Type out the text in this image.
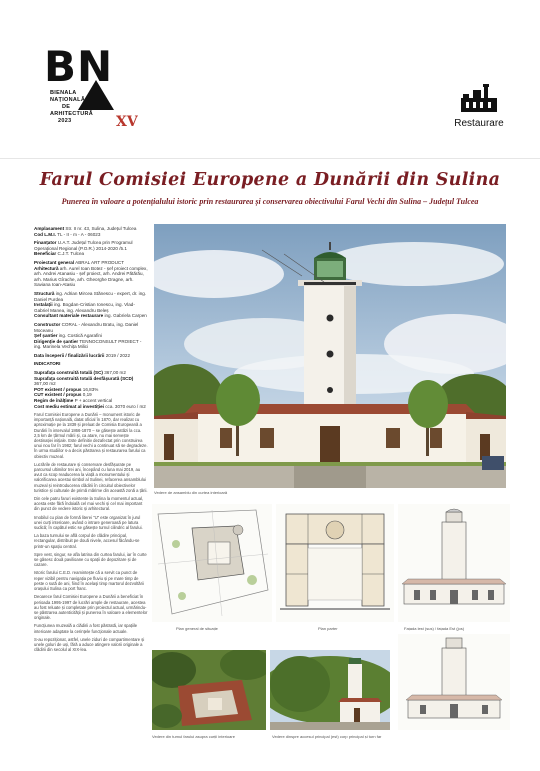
BN
BIENALA
NAȚIONALĂ
DE
ARHITECTURĂ
2023	XV	Restaurare
Farul Comisiei Europene a Dunării din Sulina
Punerea în valoare a potențialului istoric prin restaurarea și conservarea obiectivului Farul Vechi din Sulina – Județul Tulcea

Amplasament Str. II nr. 43, Sulina, Județul Tulcea
Cod L.M.I. TL - II - m - A - 06023

Finanțator U.A.T. Județul Tulcea prin Programul Operațional Regional (P.O.R.) 2014-2020 /5.1
Beneficiar C.J.T. Tulcea

Proiectant general ABRAL ART PRODUCT
Arhitectură arh. Aurel Ioan Botez - șef proiect complex, arh. Andrei Atanasiu - șef proiect, arh. Andrei Pătărău, arh. Marius Gîrache, arh. Gheorghe Dragne, arh. Saviana Ioan-Atasiu

Structură ing. Adrian Mircea Stănescu - expert, dr. ing. Daniel Purdea
Instalații ing. Bogdan-Cristian Ionescu, ing. Vlad-Gabriel Manea, ing. Alexandru Beleș
Consultant materiale restaurare ing. Gabriela Carpen

Constructor CORAL - Alexandru Bratu, ing. Daniel Moceanu
Șef șantier ing. Costică Agarafini
Dirigenție de șantier TENNOCONSULT PROIECT - ing. Marinela Vechița Milici

Data începerii / finalizării lucrării 2019 / 2022

INDICATORI

Suprafața construită totală (SC) 367,00 m2
Suprafața construită totală desfășurată (SCD) 367,00 m2
POT existent / propus 16,83%
CUT existent / propus 0,19
Regim de înălțime P + accent vertical
Cost mediu estimat al investiției cca. 3070 euro / m2

Farul Comisiei Europene a Dunării – monument istoric de importanță națională, datat oficial în 1870, dar realizat cu aproximație pe la 1839 și preluat de Comisia Europeană a Dunării în intervalul 1866-1870 – se găsește astăzi la cca. 2,5 km de țărmul mării și, ca atare, nu mai servește destinației inițiale. Este definitiv dezafectat prin construirea unui nou far în 1982; farul vechi a continuat să se degradeze. În urma studiilor s-a decis păstrarea și restaurarea farului ca obiectiv muzeal.

Lucrările de restaurare și conservare desfășurate pe parcursul ultimilor trei ani, începând cu luna mai 2019, au avut ca scop readucerea la viață a monumentului și valorificarea acestui simbol al Sulinei, refacerea ansamblului muzeal și reintroducerea clădirii în circuitul obiectivelor turistice și culturale de primă mărime din această zonă a țării.

Din cele patru faruri existente la Sulina la momentul actual, acesta este fără îndoială cel mai vechi și cel mai important din punct de vedere istoric și arhitectural.

Imobilul cu plan de formă literei "U" este organizat în jurul unei curți interioare, având o intrare generoasă pe latura sudică; în capătul estic se găsește turnul cilindric al farului.

La baza turnului se află corpul de clădire principal, rectangular, distribuit pe două nivele, accesul făcându-se printr-un spațiu central.

Spre vest, singur, se afla latrina din curtea farului, iar în curte se găsesc două pavilioane cu spații de depozitare și de cazare.

Istoric farului C.E.D. reamintește că a servit ca punct de reper vizibil pentru navigația pe fluviu și pe mare timp de peste o sută de ani, fiind în acelaşi timp martorul dezvoltării orașului Sulina ca port franc.

Deoarece farul Comisiei Europene a Dunării a beneficiat în perioada 1995-1997 de lucrări ample de restaurare, acestea au fost reluate și completate prin proiectul actual, urmărindu-se păstrarea autenticității și punerea în valoare a elementelor originale.

Funcțiunea muzeală a clădirii a fost păstrată, iar spațiile interioare adaptate la cerințele funcționale actuale.

S-au repoziționat, astfel, unele ziduri de compartimentare și unele goluri de uși, fără a aduce atingere valorii originale a clădirii din secolul al XIX-lea.

Vedere de ansamblu din curtea interioară
Plan general de situație	Plan parter	Fațada lest (sus) / fațada Est (jos)
Vedere din turnul farului asupra curții interioare	Vedere dinspre accesul principal (est) corp principal și turn far
